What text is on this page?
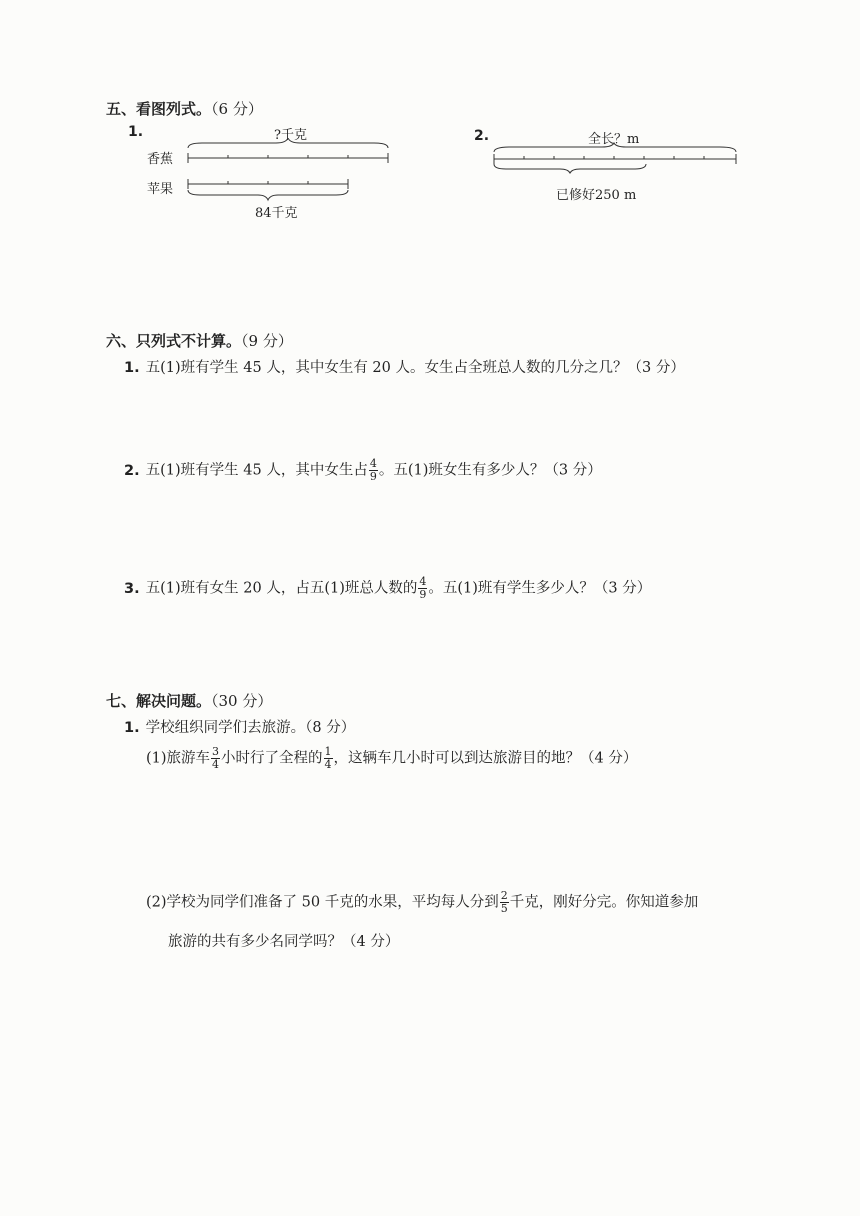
五、看图列式。（6 分）
1.	?千克
香蕉
苹果
84千克
2.	全长？m
已修好250 m
六、只列式不计算。（9 分）
1. 五(1)班有学生 45 人，其中女生有 20 人。女生占全班总人数的几分之几？（3 分）
2. 五(1)班有学生 45 人，其中女生占 $\frac{4}{9}$ 。五(1)班女生有多少人？（3 分）
3. 五(1)班有女生 20 人，占五(1)班总人数的 $\frac{4}{9}$ 。五(1)班有学生多少人？（3 分）
七、解决问题。（30 分）
1. 学校组织同学们去旅游。（8 分）
(1)旅游车 $\frac{3}{4}$ 小时行了全程的 $\frac{1}{4}$ ，这辆车几小时可以到达旅游目的地？（4 分）
(2)学校为同学们准备了 50 千克的水果，平均每人分到 $\frac{2}{5}$ 千克，刚好分完。你知道参加
旅游的共有多少名同学吗？（4 分）
